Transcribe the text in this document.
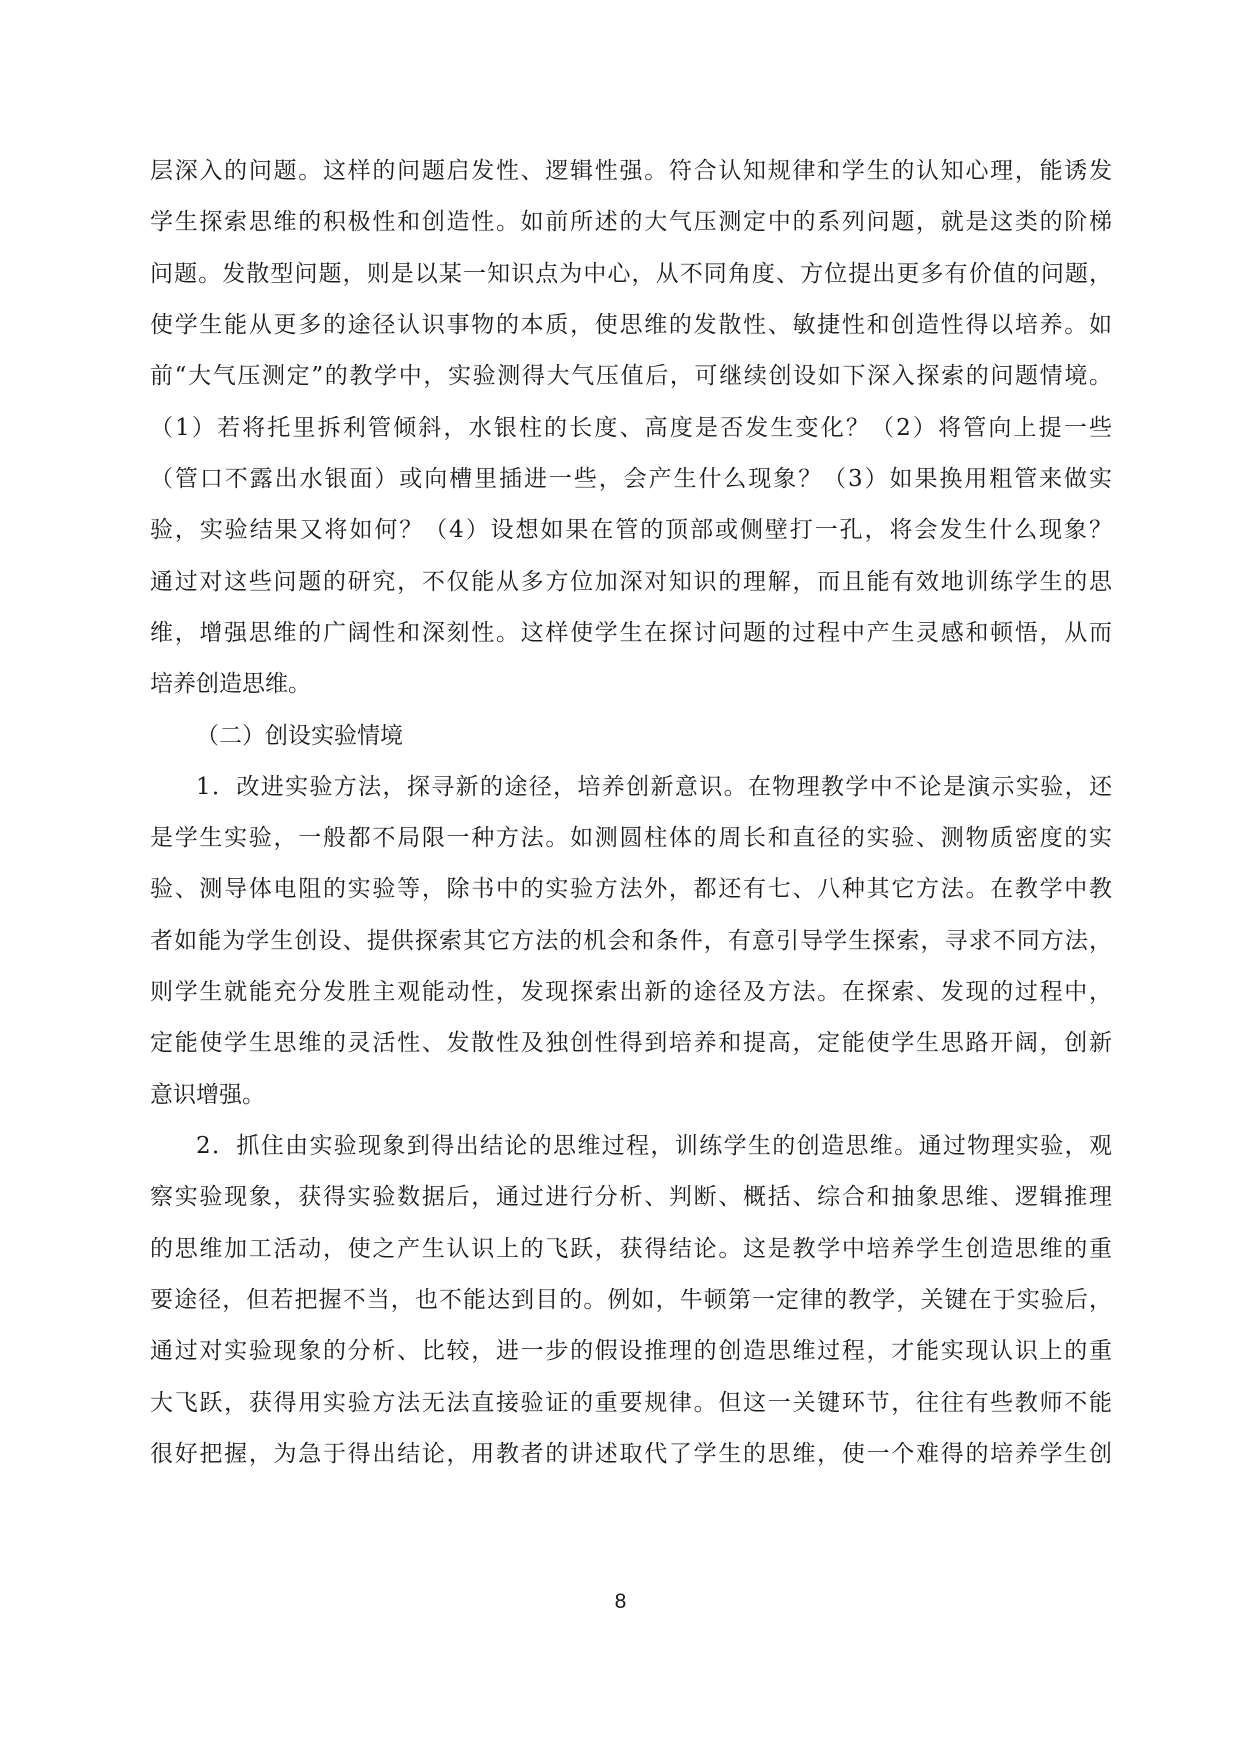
层深入的问题。这样的问题启发性、逻辑性强。符合认知规律和学生的认知心理，能诱发
学生探索思维的积极性和创造性。如前所述的大气压测定中的系列问题，就是这类的阶梯
问题。发散型问题，则是以某一知识点为中心，从不同角度、方位提出更多有价值的问题，
使学生能从更多的途径认识事物的本质，使思维的发散性、敏捷性和创造性得以培养。如
前“大气压测定”的教学中，实验测得大气压值后，可继续创设如下深入探索的问题情境。
（1）若将托里拆利管倾斜，水银柱的长度、高度是否发生变化？（2）将管向上提一些
（管口不露出水银面）或向槽里插进一些，会产生什么现象？（3）如果换用粗管来做实
验，实验结果又将如何？（4）设想如果在管的顶部或侧壁打一孔，将会发生什么现象？
通过对这些问题的研究，不仅能从多方位加深对知识的理解，而且能有效地训练学生的思
维，增强思维的广阔性和深刻性。这样使学生在探讨问题的过程中产生灵感和顿悟，从而
培养创造思维。
（二）创设实验情境
1．改进实验方法，探寻新的途径，培养创新意识。在物理教学中不论是演示实验，还
是学生实验，一般都不局限一种方法。如测圆柱体的周长和直径的实验、测物质密度的实
验、测导体电阻的实验等，除书中的实验方法外，都还有七、八种其它方法。在教学中教
者如能为学生创设、提供探索其它方法的机会和条件，有意引导学生探索，寻求不同方法，
则学生就能充分发胜主观能动性，发现探索出新的途径及方法。在探索、发现的过程中，
定能使学生思维的灵活性、发散性及独创性得到培养和提高，定能使学生思路开阔，创新
意识增强。
2．抓住由实验现象到得出结论的思维过程，训练学生的创造思维。通过物理实验，观
察实验现象，获得实验数据后，通过进行分析、判断、概括、综合和抽象思维、逻辑推理
的思维加工活动，使之产生认识上的飞跃，获得结论。这是教学中培养学生创造思维的重
要途径，但若把握不当，也不能达到目的。例如，牛顿第一定律的教学，关键在于实验后，
通过对实验现象的分析、比较，进一步的假设推理的创造思维过程，才能实现认识上的重
大飞跃，获得用实验方法无法直接验证的重要规律。但这一关键环节，往往有些教师不能
很好把握，为急于得出结论，用教者的讲述取代了学生的思维，使一个难得的培养学生创
8
